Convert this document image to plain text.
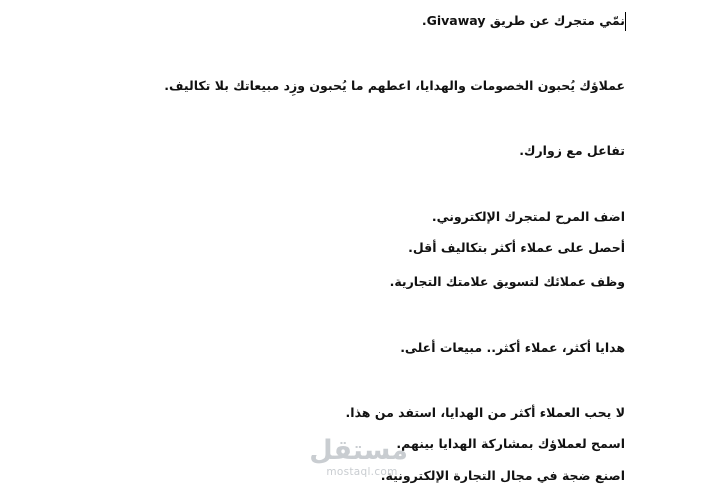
نمّي متجرك عن طريق Givaway.
عملاؤك يُحبون الخصومات والهدايا، اعطهم ما يُحبون وزِد مبيعاتك بلا تكاليف.
تفاعل مع زوارك.
اضف المرح لمتجرك الإلكتروني.
أحصل على عملاء أكثر بتكاليف أقل.
وظف عملائك لتسويق علامتك التجارية.
هدايا أكثر، عملاء أكثر.. مبيعات أعلى.
لا يحب العملاء أكثر من الهدايا، استفد من هذا.
اسمح لعملاؤك بمشاركة الهدايا بينهم.
اصنع ضجة في مجال التجارة الإلكترونية.
مستقل
mostaql.com
